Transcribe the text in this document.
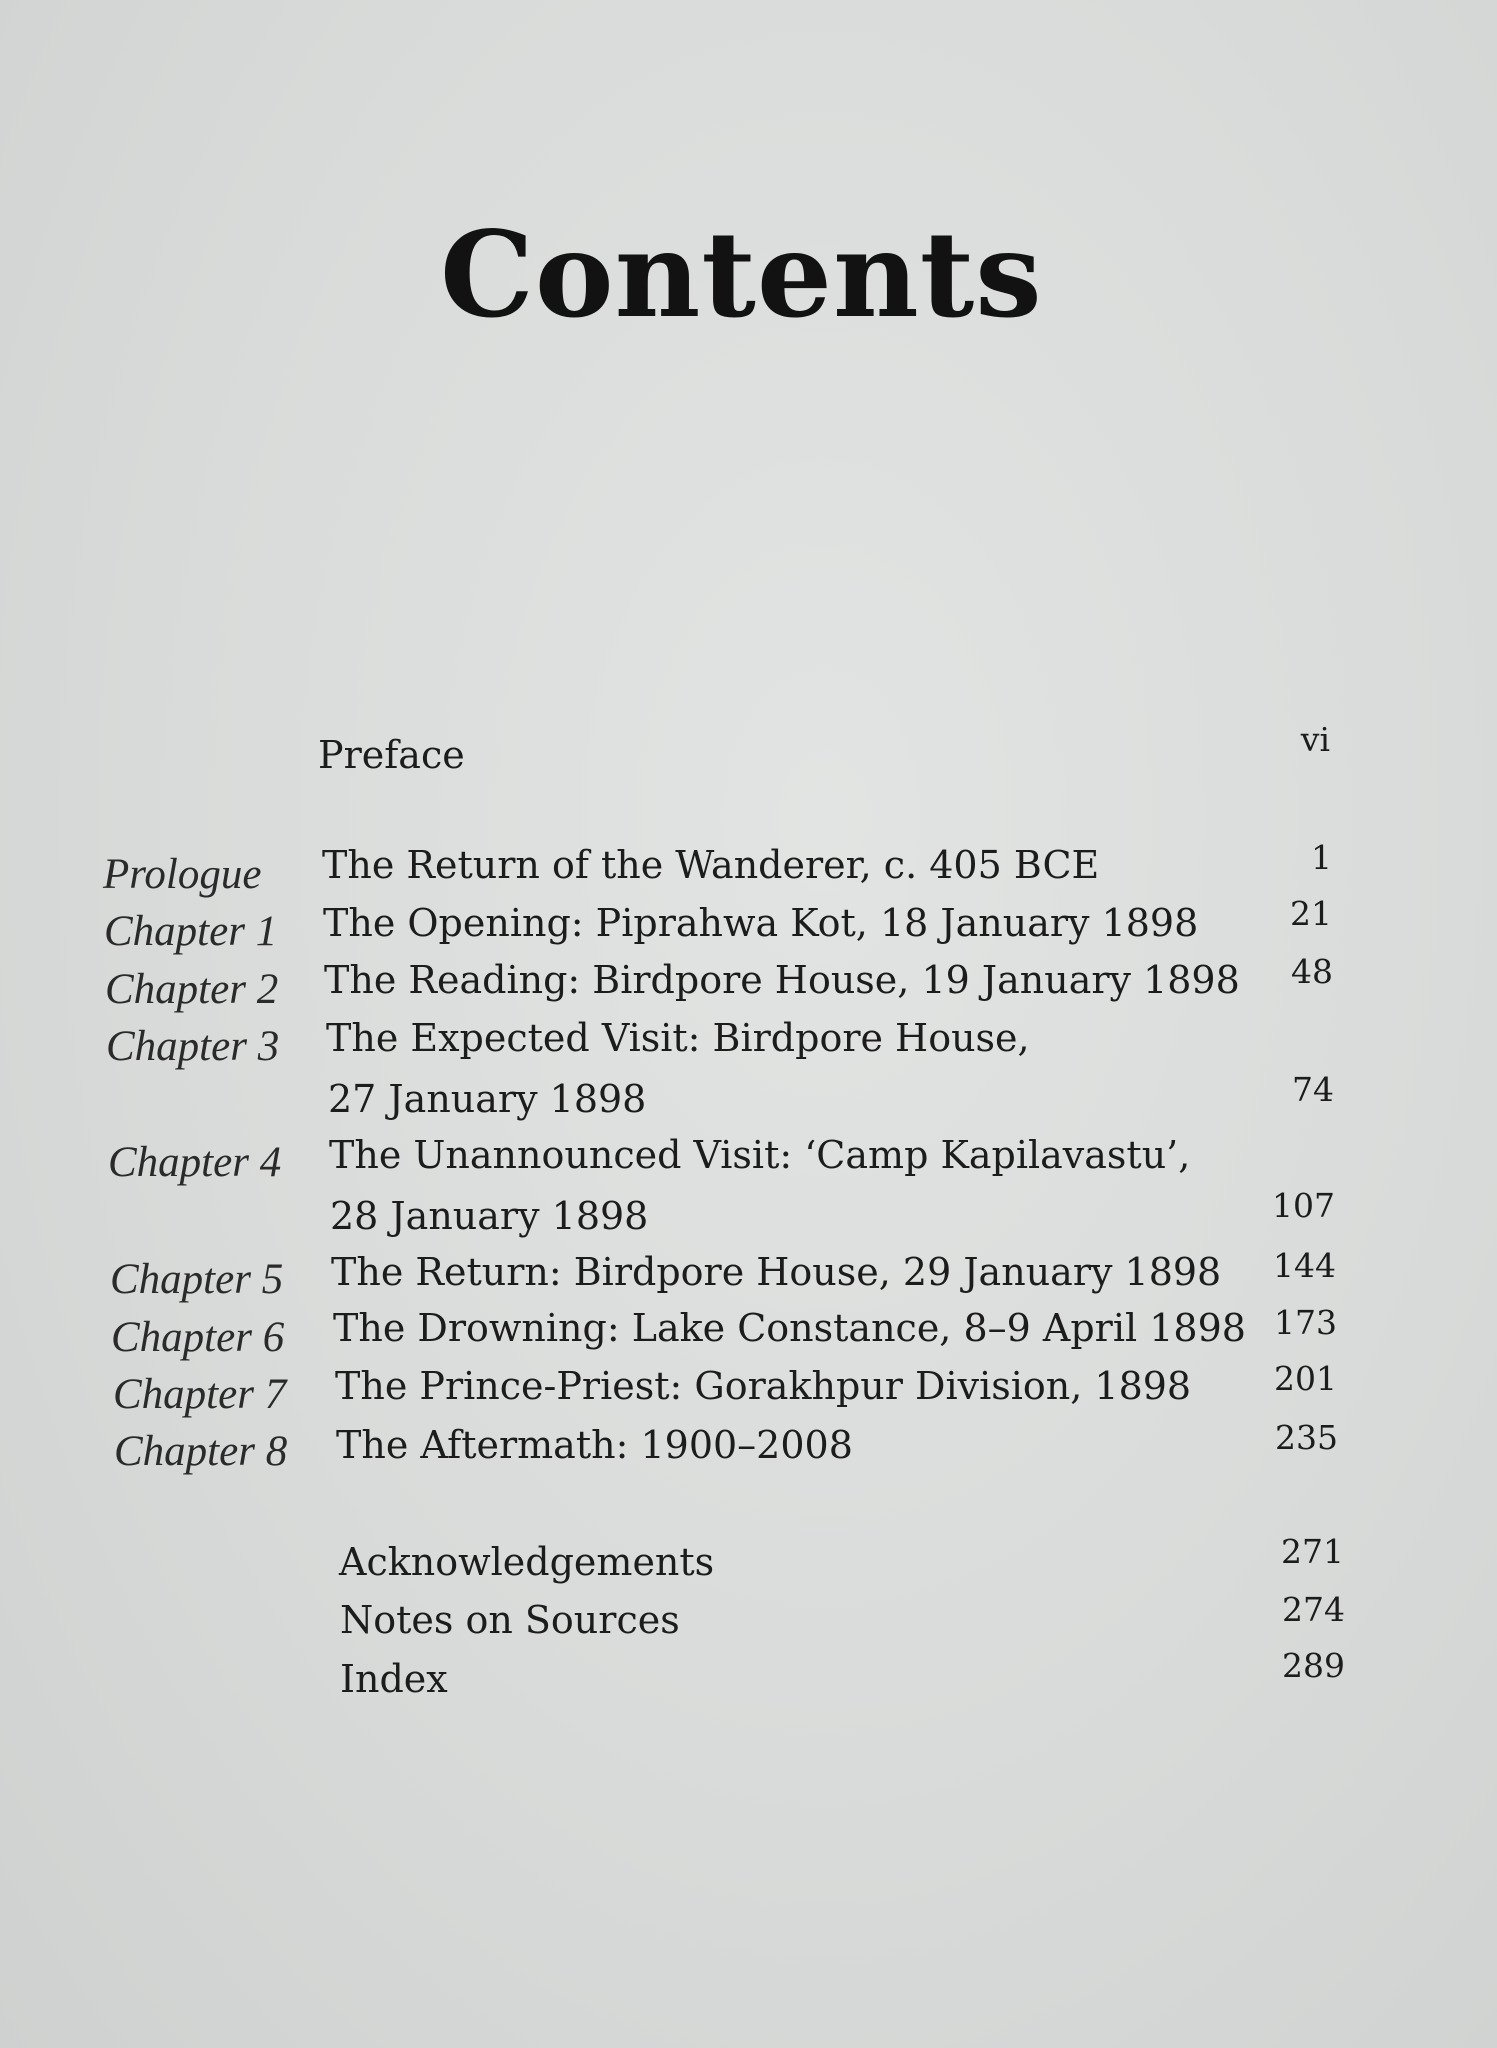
Contents
Preface	vi
Prologue The Return of the Wanderer, c. 405 BCE	1
Chapter 1 The Opening: Piprahwa Kot, 18 January 1898	21
Chapter 2 The Reading: Birdpore House, 19 January 1898	48
Chapter 3 The Expected Visit: Birdpore House,
27 January 1898	74
Chapter 4 The Unannounced Visit: ‘Camp Kapilavastu’,
28 January 1898	107
Chapter 5 The Return: Birdpore House, 29 January 1898	144
Chapter 6 The Drowning: Lake Constance, 8–9 April 1898 173
Chapter 7 The Prince-Priest: Gorakhpur Division, 1898	201
Chapter 8 The Aftermath: 1900–2008	235
Acknowledgements	271
Notes on Sources	274
Index	289
